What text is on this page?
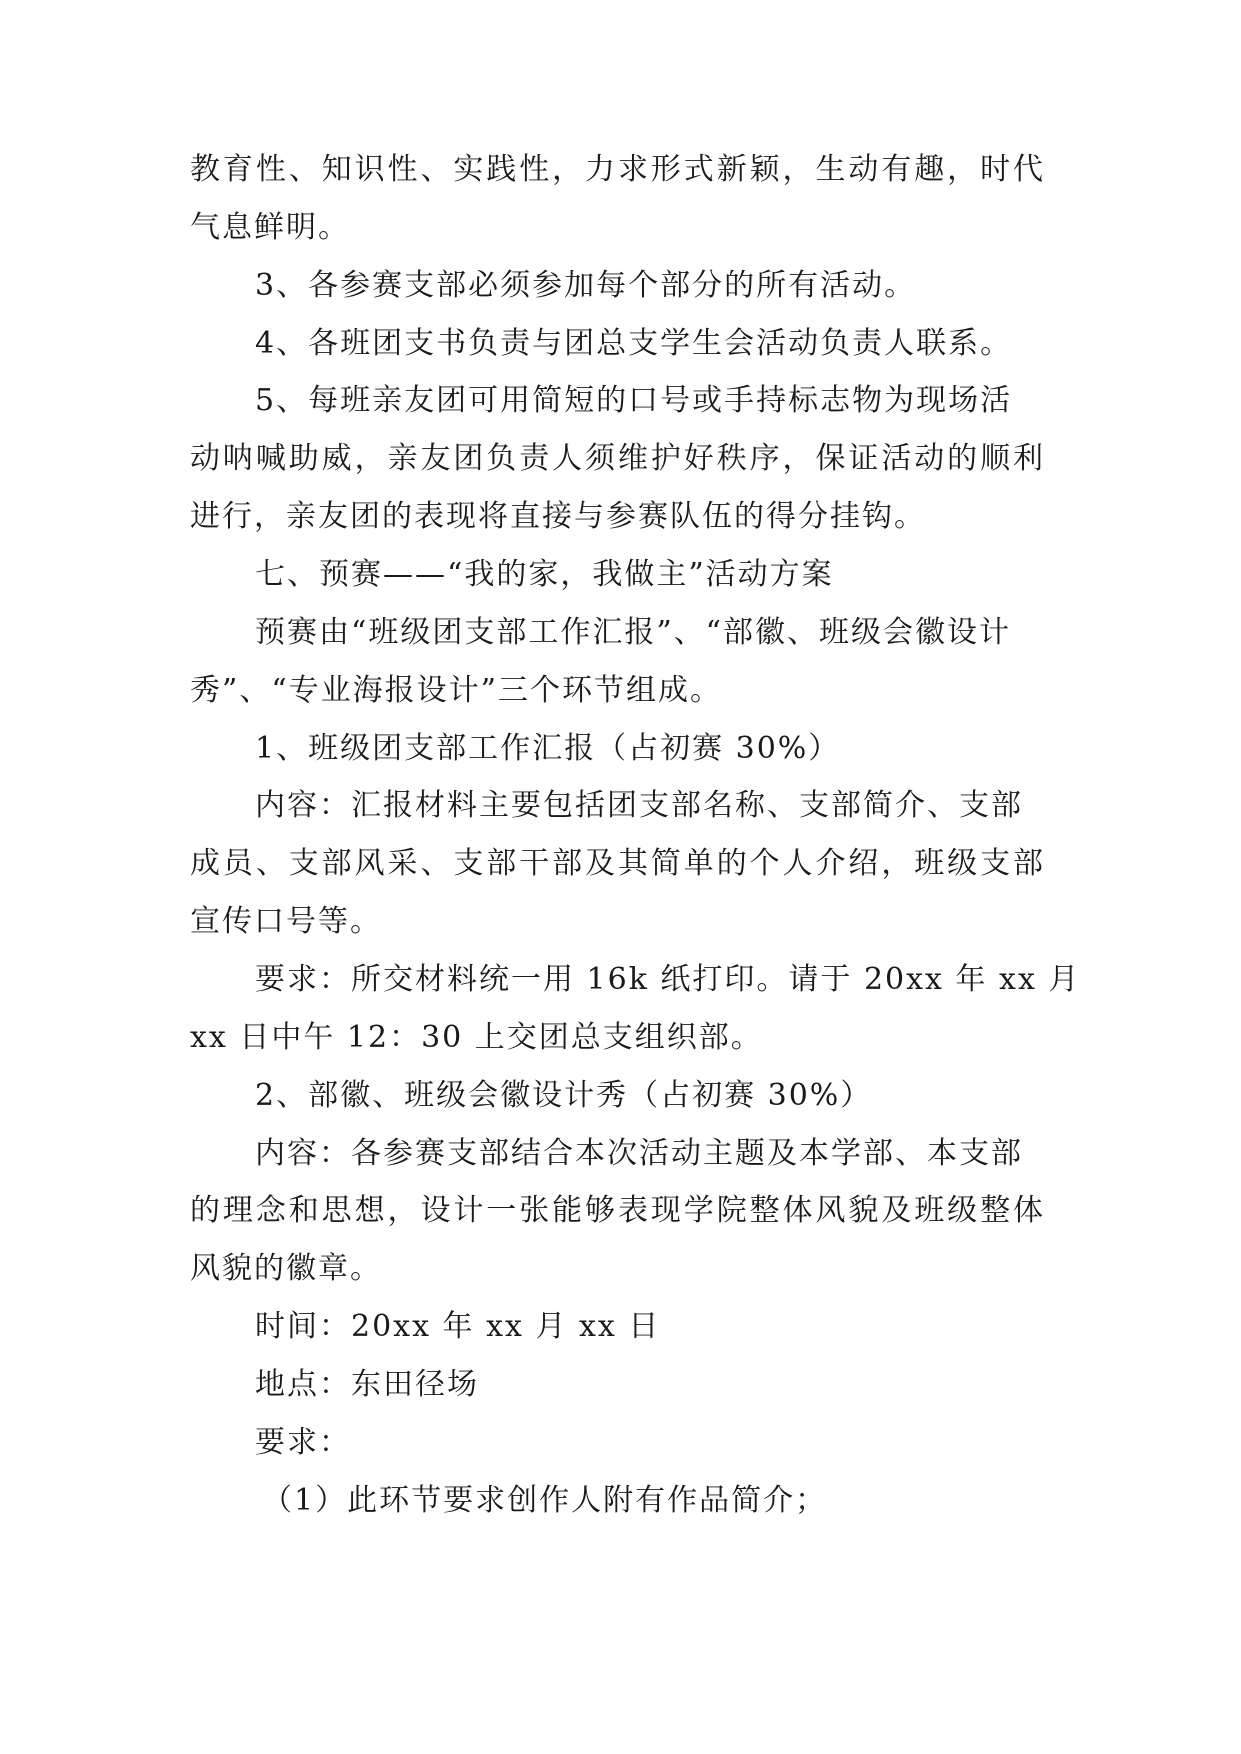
教育性、知识性、实践性，力求形式新颖，生动有趣，时代
气息鲜明。
3、各参赛支部必须参加每个部分的所有活动。
4、各班团支书负责与团总支学生会活动负责人联系。
5、每班亲友团可用简短的口号或手持标志物为现场活
动呐喊助威，亲友团负责人须维护好秩序，保证活动的顺利
进行，亲友团的表现将直接与参赛队伍的得分挂钩。
七、预赛——“我的家，我做主”活动方案
预赛由“班级团支部工作汇报”、“部徽、班级会徽设计
秀”、“专业海报设计”三个环节组成。
1、班级团支部工作汇报（占初赛 30%）
内容：汇报材料主要包括团支部名称、支部简介、支部
成员、支部风采、支部干部及其简单的个人介绍，班级支部
宣传口号等。
要求：所交材料统一用 16k 纸打印。请于 20xx 年 xx 月
xx 日中午 12：30 上交团总支组织部。
2、部徽、班级会徽设计秀（占初赛 30%）
内容：各参赛支部结合本次活动主题及本学部、本支部
的理念和思想，设计一张能够表现学院整体风貌及班级整体
风貌的徽章。
时间：20xx 年 xx 月 xx 日
地点：东田径场
要求：
（1）此环节要求创作人附有作品简介；
